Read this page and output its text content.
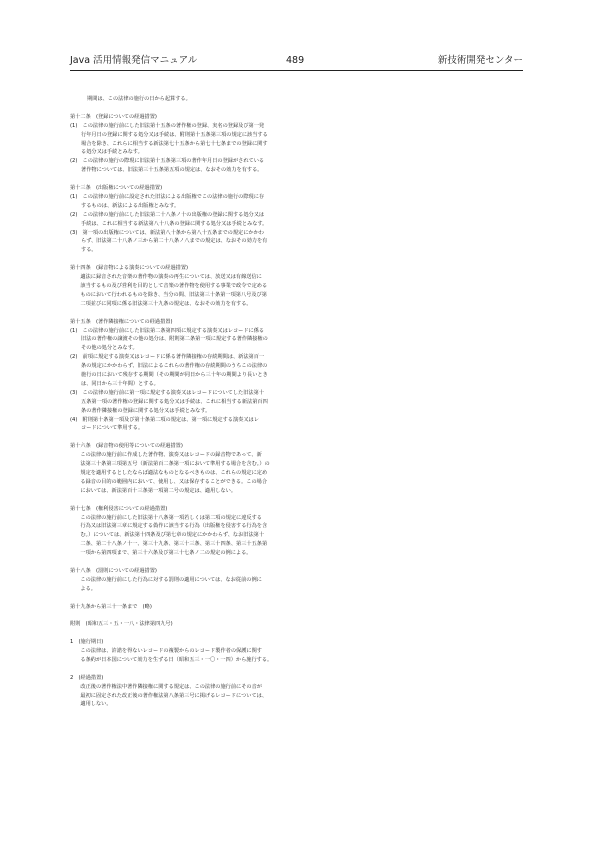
Java 活用情報発信マニュアル	489	新技術開発センター

期間は、この法律の施行の日から起算する。

第十二条　(登録についての経過措置)

(1)　この法律の施行前にした旧法第十五条の著作権の登録、実名の登録及び第一発

行年月日の登録に関する処分又は手続は、附則第十五条第三項の規定に該当する

場合を除き、これらに相当する新法第七十五条から第七十七条までの登録に関す

る処分又は手続とみなす。

(2)　この法律の施行の際現に旧法第十五条第三項の著作年月日の登録がされている

著作物については、旧法第三十五条第五項の規定は、なおその効力を有する。

第十三条　(出版権についての経過措置)

(1)　この法律の施行前に設定された旧法による出版権でこの法律の施行の際現に存

するものは、新法による出版権とみなす。

(2)　この法律の施行前にした旧法第二十八条ノ十の出版権の登録に関する処分又は

手続は、これに相当する新法第八十八条の登録に関する処分又は手続とみなす。

(3)　第一項の出版権については、新法第八十条から第八十五条までの規定にかかわ

らず、旧法第二十八条ノ三から第二十八条ノ八までの規定は、なおその効力を有

する。

第十四条　(録音物による演奏についての経過措置)

　　適法に録音された音楽の著作物の演奏の再生については、放送又は有線送信に

　　該当するもの及び営利を目的として音楽の著作物を使用する事業で政令で定める

　　ものにおいて行われるものを除き、当分の間、旧法第三十条第一項第八号及び第

　　二項並びに同項に係る旧法第三十九条の規定は、なおその効力を有する。

第十五条　(著作隣接権についての経過措置)

(1)　この法律の施行前にした旧法第二条第四項に規定する演奏又はレコードに係る

旧法の著作権の譲渡その他の処分は、附則第二条第一項に規定する著作隣接権の

その他の処分とみなす。

(2)　前項に規定する演奏又はレコードに係る著作隣接権の存続期間は、新法第百一

条の規定にかかわらず、旧法によるこれらの著作権の存続期間のうちこの法律の

施行の日において残存する期間（その期間が同日から三十年の期間より長いとき

は、同日から三十年間）とする。

(3)　この法律の施行前に第一項に規定する演奏又はレコードについてした旧法第十

五条第一項の著作権の登録に関する処分又は手続は、これに相当する新法第百四

条の著作隣接権の登録に関する処分又は手続とみなす。

(4)　附則第十条第一項及び第十条第二項の規定は、第一項に規定する演奏又はレ

コードについて準用する。

第十六条　(録音物の使用等についての経過措置)

　　この法律の施行前に作成した著作物、演奏又はレコードの録音物であって、新

　　法第三十条第三項第五号（新法第百二条第一項において準用する場合を含む。）の

　　規定を適用するとしたならば適法なものとなるべきものは、これらの規定に定め

　　る録音の目的の範囲内において、使用し、又は保存することができる。この場合

　　においては、新法第百十三条第一項第二号の規定は、適用しない。

第十七条　(権利侵害についての経過措置)

　　この法律の施行前にした旧法第十八条第一項若しくは第二項の規定に違反する

　　行為又は旧法第三章に規定する偽作に該当する行為（出版権を侵害する行為を含

　　む。）については、新法第十四条及び第七章の規定にかかわらず、なお旧法第十

　　二条、第二十八条ノ十一、第三十九条、第三十三条、第三十四条、第三十五条第

　　一項から第四項まで、第三十六条及び第三十七条ノ二の規定の例による。

第十八条　(罰則についての経過措置)

　　この法律の施行前にした行為に対する罰則の適用については、なお従前の例に

　　よる。

第十九条から第三十一条まで　(略)

附則　(昭和五三・五・一八・法律第四九号)

1　(施行期日)

　　この法律は、許諾を得ないレコードの複製からのレコード製作者の保護に関す

　　る条約が日本国について効力を生ずる日（昭和五三・一〇・一四）から施行する。

2　(経過措置)

　　改正後の著作権法中著作隣接権に関する規定は、この法律の施行前にその音が

　　最初に固定された改正後の著作権法第八条第三号に掲げるレコードについては、

　　適用しない。
